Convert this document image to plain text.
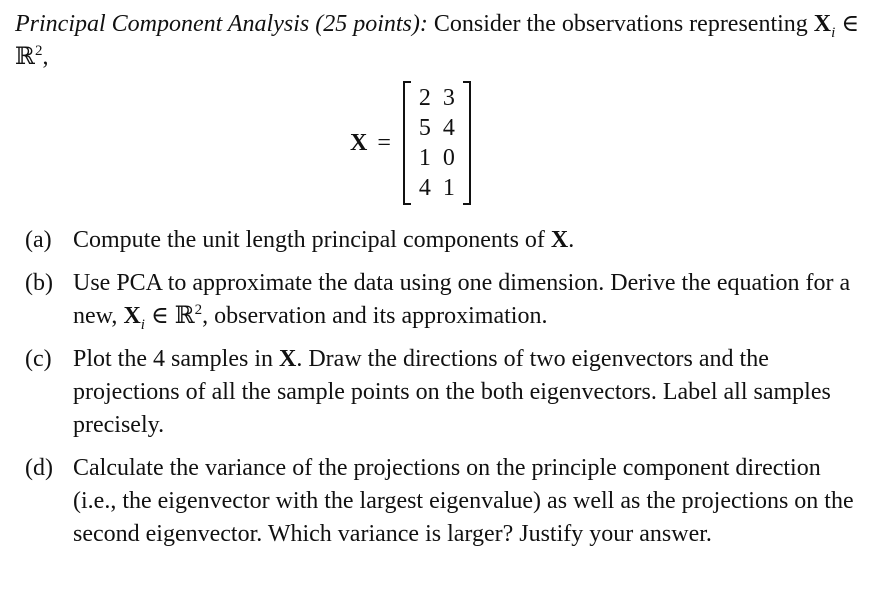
Principal Component Analysis (25 points): Consider the observations representing $X_i$ ∈ ℝ$^2$,
X =
2	3
5	4
1	0
4	1
(a) Compute the unit length principal components of X.
(b) Use PCA to approximate the data using one dimension. Derive the equation for a new, $X_i$ ∈ ℝ$^2$, observation and its approximation.
(c) Plot the 4 samples in X. Draw the directions of two eigenvectors and the projections of all the sample points on the both eigenvectors. Label all samples precisely.
(d) Calculate the variance of the projections on the principle component direction (i.e., the eigenvector with the largest eigenvalue) as well as the projections on the second eigenvector. Which variance is larger? Justify your answer.
